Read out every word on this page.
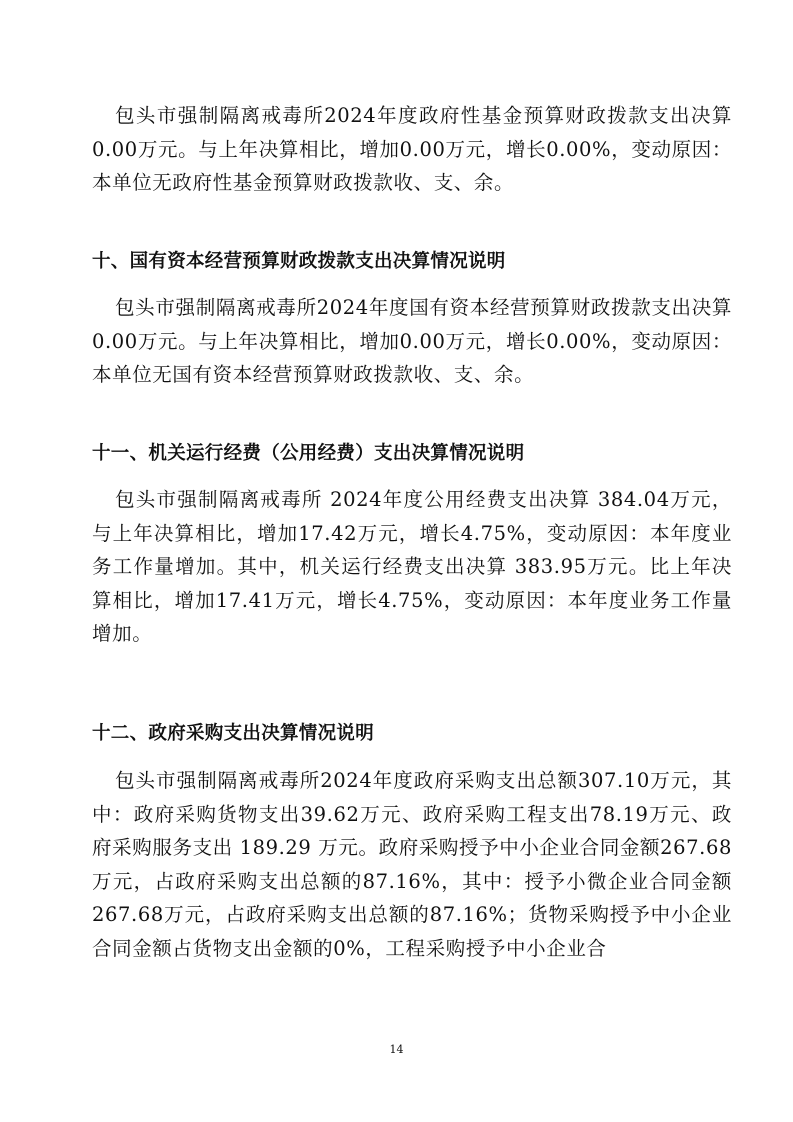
包头市强制隔离戒毒所2024年度政府性基金预算财政拨款支出决算0.00万元。与上年决算相比，增加0.00万元，增长0.00%，变动原因：本单位无政府性基金预算财政拨款收、支、余。

十、国有资本经营预算财政拨款支出决算情况说明

包头市强制隔离戒毒所2024年度国有资本经营预算财政拨款支出决算0.00万元。与上年决算相比，增加0.00万元，增长0.00%，变动原因：本单位无国有资本经营预算财政拨款收、支、余。

十一、机关运行经费（公用经费）支出决算情况说明

包头市强制隔离戒毒所 2024年度公用经费支出决算 384.04万元，与上年决算相比，增加17.42万元，增长4.75%，变动原因：本年度业务工作量增加。其中，机关运行经费支出决算 383.95万元。比上年决算相比，增加17.41万元，增长4.75%，变动原因：本年度业务工作量增加。

十二、政府采购支出决算情况说明

包头市强制隔离戒毒所2024年度政府采购支出总额307.10万元，其中：政府采购货物支出39.62万元、政府采购工程支出78.19万元、政府采购服务支出 189.29 万元。政府采购授予中小企业合同金额267.68万元，占政府采购支出总额的87.16%，其中：授予小微企业合同金额 267.68万元，占政府采购支出总额的87.16%；货物采购授予中小企业合同金额占货物支出金额的0%，工程采购授予中小企业合

14
